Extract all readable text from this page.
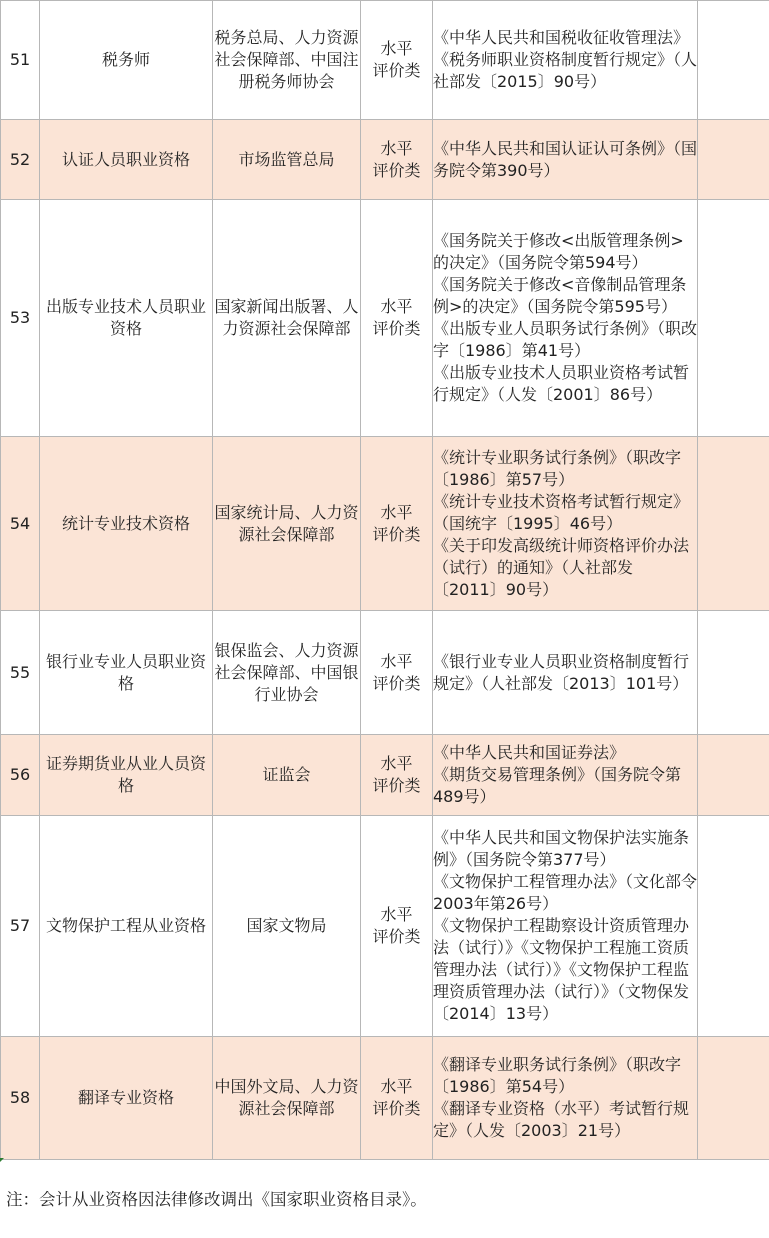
51	税务师	税务总局、人力资源社会保障部、中国注册税务师协会	水平
评价类	《中华人民共和国税收征收管理法》
《税务师职业资格制度暂行规定》（人社部发〔2015〕90号）	

52	认证人员职业资格	市场监管总局	水平
评价类	《中华人民共和国认证认可条例》（国务院令第390号）	

53	出版专业技术人员职业资格	国家新闻出版署、人力资源社会保障部	水平
评价类	《国务院关于修改<出版管理条例>的决定》（国务院令第594号）
《国务院关于修改<音像制品管理条例>的决定》（国务院令第595号）
《出版专业人员职务试行条例》（职改字〔1986〕第41号）
《出版专业技术人员职业资格考试暂行规定》（人发〔2001〕86号）	

54	统计专业技术资格	国家统计局、人力资源社会保障部	水平
评价类	《统计专业职务试行条例》（职改字〔1986〕第57号）
《统计专业技术资格考试暂行规定》（国统字〔1995〕46号）
《关于印发高级统计师资格评价办法（试行）的通知》（人社部发〔2011〕90号）	

55	银行业专业人员职业资格	银保监会、人力资源社会保障部、中国银行业协会	水平
评价类	《银行业专业人员职业资格制度暂行规定》（人社部发〔2013〕101号）	

56	证券期货业从业人员资格	证监会	水平
评价类	《中华人民共和国证券法》
《期货交易管理条例》（国务院令第489号）	

57	文物保护工程从业资格	国家文物局	水平
评价类	《中华人民共和国文物保护法实施条例》（国务院令第377号）
《文物保护工程管理办法》（文化部令2003年第26号）
《文物保护工程勘察设计资质管理办法（试行）》《文物保护工程施工资质管理办法（试行）》《文物保护工程监理资质管理办法（试行）》（文物保发〔2014〕13号）	

58	翻译专业资格	中国外文局、人力资源社会保障部	水平
评价类	《翻译专业职务试行条例》（职改字〔1986〕第54号）
《翻译专业资格（水平）考试暂行规定》（人发〔2003〕21号）	

注：会计从业资格因法律修改调出《国家职业资格目录》。
